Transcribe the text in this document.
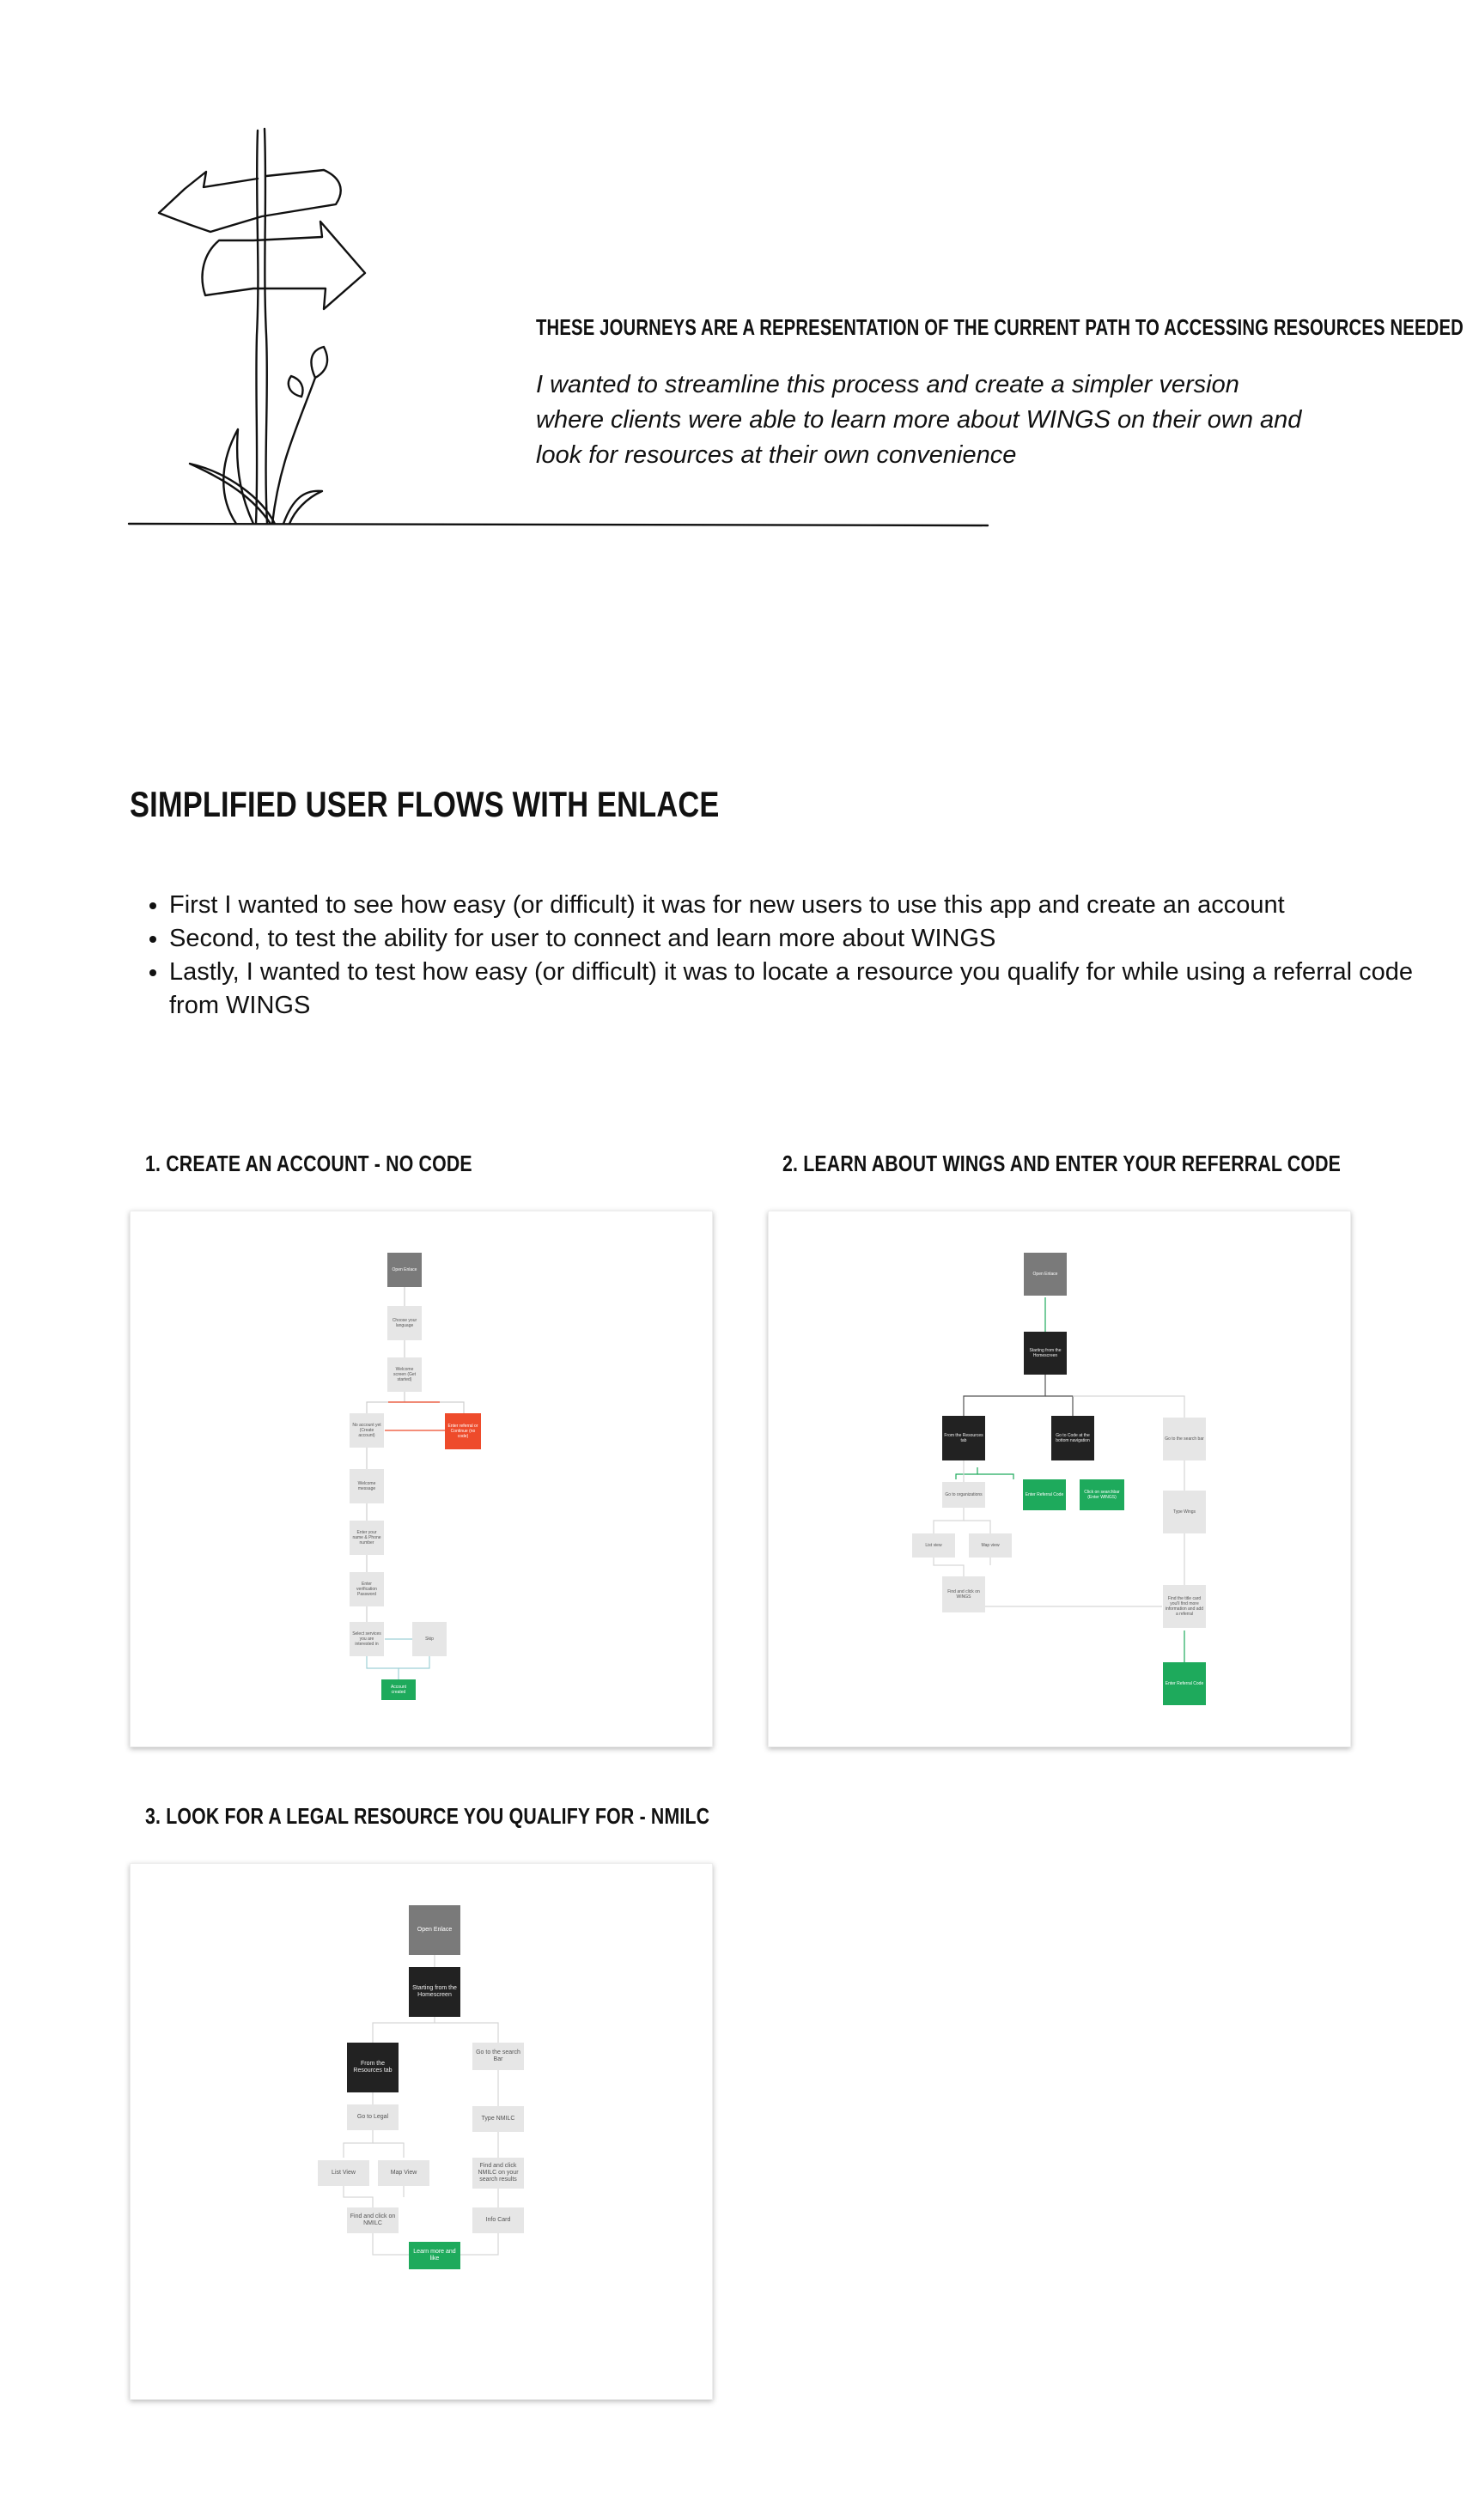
THESE JOURNEYS ARE A REPRESENTATION OF THE CURRENT PATH TO ACCESSING RESOURCES NEEDED
I wanted to streamline this process and create a simpler version where clients were able to learn more about WINGS on their own and look for resources at their own convenience
SIMPLIFIED USER FLOWS WITH ENLACE
• First I wanted to see how easy (or difficult) it was for new users to use this app and create an account
• Second, to test the ability for user to connect and learn more about WINGS
• Lastly, I wanted to test how easy (or difficult) it was to locate a resource you qualify for while using a referral code from WINGS
1. CREATE AN ACCOUNT - NO CODE
Open Enlace
Choose your language
Welcome screen (Get started)
No account yet (Create account)
Enter referral or Continue (no code)
Welcome message
Enter your name & Phone number
Enter verification Password
Select services you are interested in
Skip
Account created
2. LEARN ABOUT WINGS AND ENTER YOUR REFERRAL CODE
Open Enlace
Starting from the Homescreen
From the Resources tab
Go to Code at the bottom navigation	Go to the search bar
Go to organizations	Enter Referral Code	Click on searchbar (Enter WINGS)
Type Wings
List view	Map view
Find and click on WINGS	Find the title card you'll find more information and add a referral
Enter Referral Code
3. LOOK FOR A LEGAL RESOURCE YOU QUALIFY FOR - NMILC
Open Enlace
Starting from the Homescreen
From the Resources tab
Go to the search Bar
Go to Legal	Type NMILC
List View	Map View
Find and click NMILC on your search results
Find and click on NMILC
Info Card
Learn more and like
